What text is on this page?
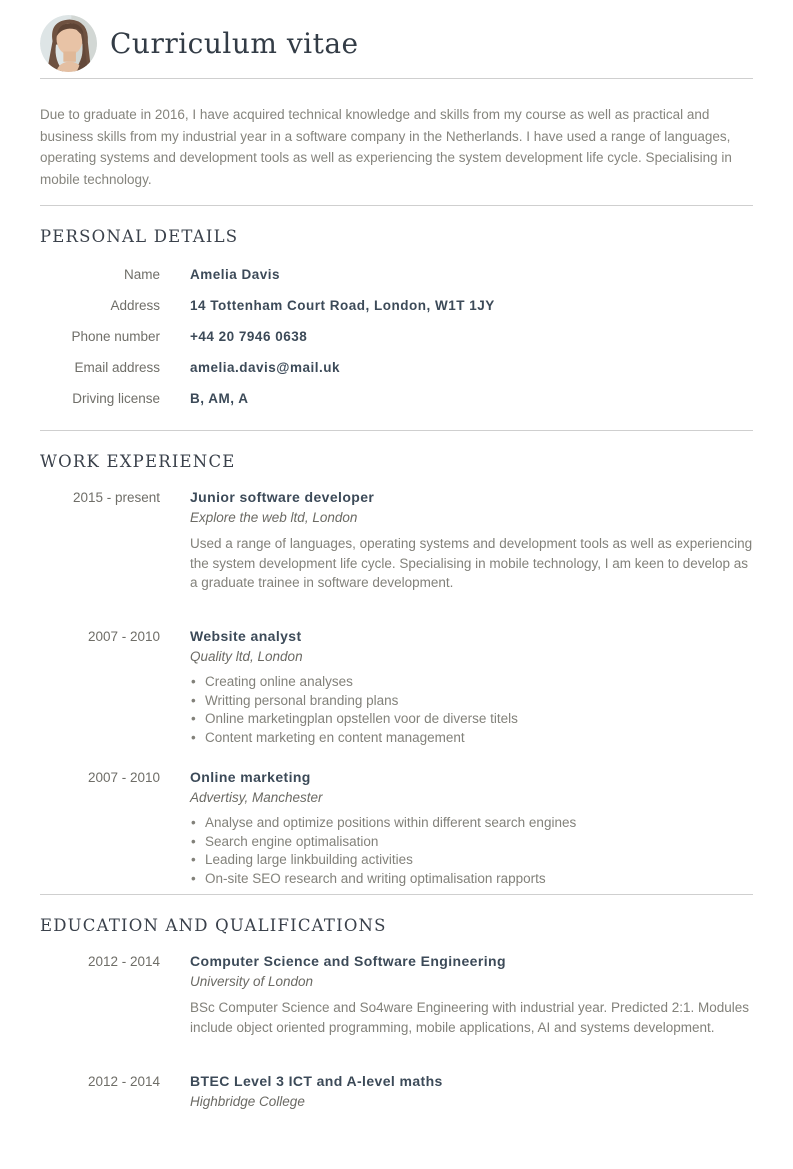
Curriculum vitae

Due to graduate in 2016, I have acquired technical knowledge and skills from my course as well as practical and business skills from my industrial year in a software company in the Netherlands. I have used a range of languages, operating systems and development tools as well as experiencing the system development life cycle. Specialising in mobile technology.

PERSONAL DETAILS
Name Amelia Davis
Address 14 Tottenham Court Road, London, W1T 1JY
Phone number +44 20 7946 0638
Email address amelia.davis@mail.uk
Driving license B, AM, A
WORK EXPERIENCE
2015 - present Junior software developer
Explore the web ltd, London

Used a range of languages, operating systems and development tools as well as experiencing the system development life cycle. Specialising in mobile technology, I am keen to develop as a graduate trainee in software development.

2007 - 2010 Website analyst
Quality ltd, London
• Creating online analyses
• Writting personal branding plans
• Online marketingplan opstellen voor de diverse titels
• Content marketing en content management
2007 - 2010 Online marketing
Advertisy, Manchester
• Analyse and optimize positions within different search engines
• Search engine optimalisation
• Leading large linkbuilding activities
• On-site SEO research and writing optimalisation rapports
EDUCATION AND QUALIFICATIONS
2012 - 2014 Computer Science and Software Engineering
University of London

BSc Computer Science and So4ware Engineering with industrial year. Predicted 2:1. Modules include object oriented programming, mobile applications, AI and systems development.

2012 - 2014 BTEC Level 3 ICT and A-level maths
Highbridge College
